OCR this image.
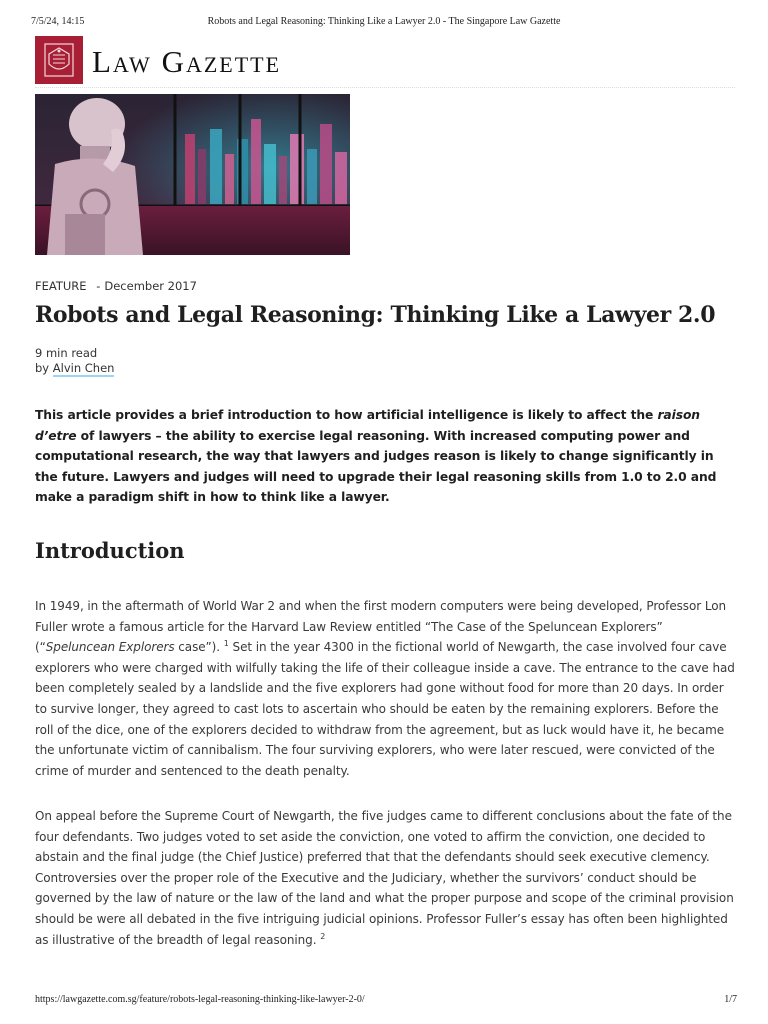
7/5/24, 14:15	Robots and Legal Reasoning: Thinking Like a Lawyer 2.0 - The Singapore Law Gazette
Law Gazette
FEATURE - December 2017
Robots and Legal Reasoning: Thinking Like a Lawyer 2.0
9 min read
by Alvin Chen

This article provides a brief introduction to how artificial intelligence is likely to affect the raison d’etre of lawyers – the ability to exercise legal reasoning. With increased computing power and computational research, the way that lawyers and judges reason is likely to change significantly in the future. Lawyers and judges will need to upgrade their legal reasoning skills from 1.0 to 2.0 and make a paradigm shift in how to think like a lawyer.

Introduction

In 1949, in the aftermath of World War 2 and when the first modern computers were being developed, Professor Lon Fuller wrote a famous article for the Harvard Law Review entitled “The Case of the Speluncean Explorers” (“Speluncean Explorers case”). $^1$ Set in the year 4300 in the fictional world of Newgarth, the case involved four cave explorers who were charged with wilfully taking the life of their colleague inside a cave. The entrance to the cave had been completely sealed by a landslide and the five explorers had gone without food for more than 20 days. In order to survive longer, they agreed to cast lots to ascertain who should be eaten by the remaining explorers. Before the roll of the dice, one of the explorers decided to withdraw from the agreement, but as luck would have it, he became the unfortunate victim of cannibalism. The four surviving explorers, who were later rescued, were convicted of the crime of murder and sentenced to the death penalty.

On appeal before the Supreme Court of Newgarth, the five judges came to different conclusions about the fate of the four defendants. Two judges voted to set aside the conviction, one voted to affirm the conviction, one decided to abstain and the final judge (the Chief Justice) preferred that that the defendants should seek executive clemency. Controversies over the proper role of the Executive and the Judiciary, whether the survivors’ conduct should be governed by the law of nature or the law of the land and what the proper purpose and scope of the criminal provision should be were all debated in the five intriguing judicial opinions. Professor Fuller’s essay has often been highlighted as illustrative of the breadth of legal reasoning. $^2$

https://lawgazette.com.sg/feature/robots-legal-reasoning-thinking-like-lawyer-2-0/	1/7
